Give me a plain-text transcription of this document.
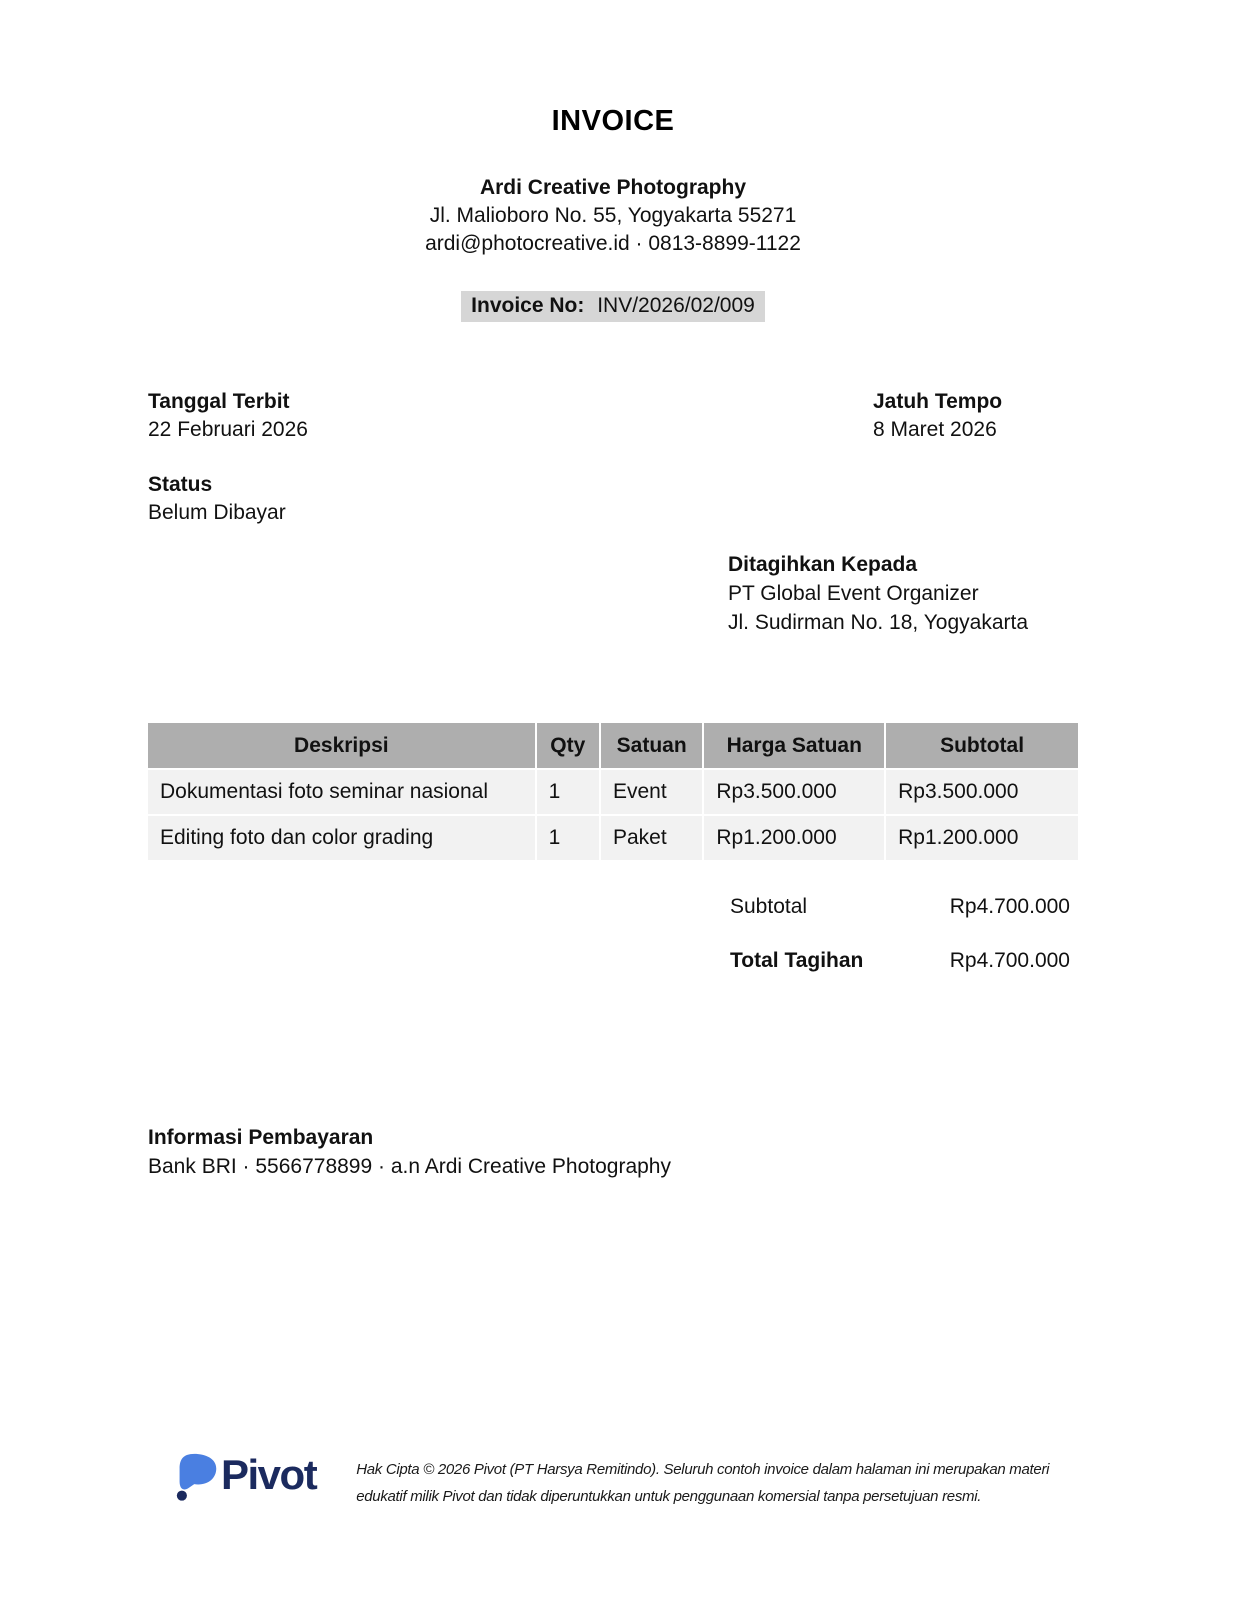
INVOICE
Ardi Creative Photography
Jl. Malioboro No. 55, Yogyakarta 55271
ardi@photocreative.id · 0813-8899-1122
Invoice No: INV/2026/02/009
Tanggal Terbit
22 Februari 2026
Jatuh Tempo
8 Maret 2026
Status
Belum Dibayar
Ditagihkan Kepada
PT Global Event Organizer
Jl. Sudirman No. 18, Yogyakarta
Deskripsi	Qty	Satuan	Harga Satuan	Subtotal
Dokumentasi foto seminar nasional	1	Event	Rp3.500.000	Rp3.500.000
Editing foto dan color grading	1	Paket	Rp1.200.000	Rp1.200.000
Subtotal	Rp4.700.000
Total Tagihan	Rp4.700.000
Informasi Pembayaran
Bank BRI · 5566778899 · a.n Ardi Creative Photography
Pivot	Hak Cipta © 2026 Pivot (PT Harsya Remitindo). Seluruh contoh invoice dalam halaman ini merupakan materi edukatif milik Pivot dan tidak diperuntukkan untuk penggunaan komersial tanpa persetujuan resmi.
